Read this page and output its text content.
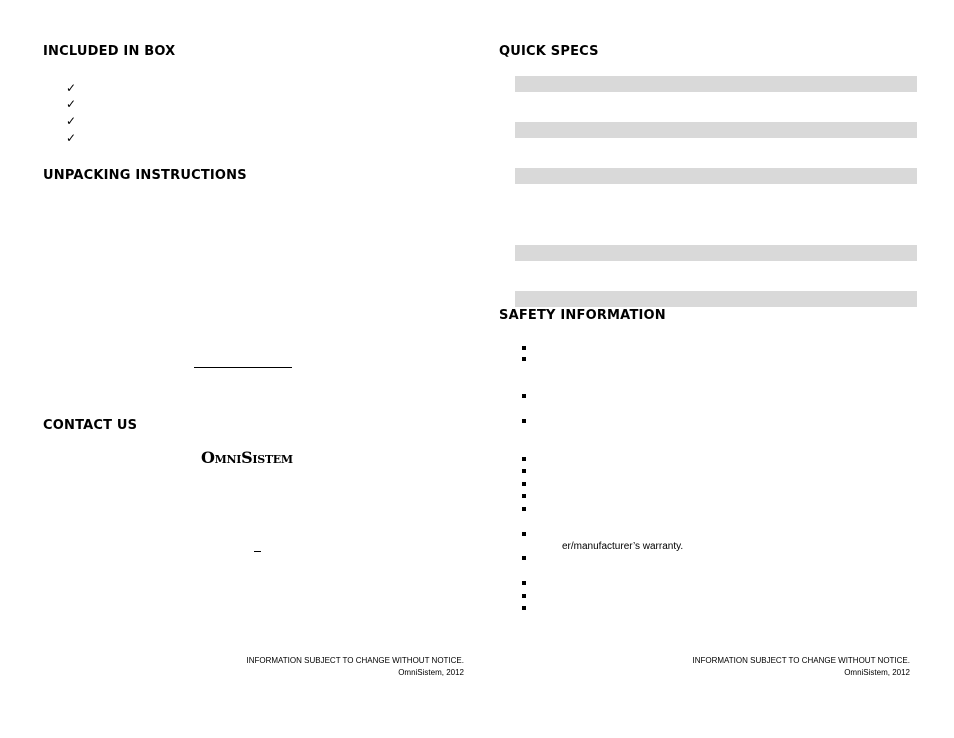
INCLUDED IN BOX
✓
✓
✓
✓
UNPACKING INSTRUCTIONS
CONTACT US
OmniSistem
INFORMATION SUBJECT TO CHANGE WITHOUT NOTICE.
OmniSistem, 2012
QUICK SPECS
SAFETY INFORMATION
er/manufacturer’s warranty.
INFORMATION SUBJECT TO CHANGE WITHOUT NOTICE.
OmniSistem, 2012
